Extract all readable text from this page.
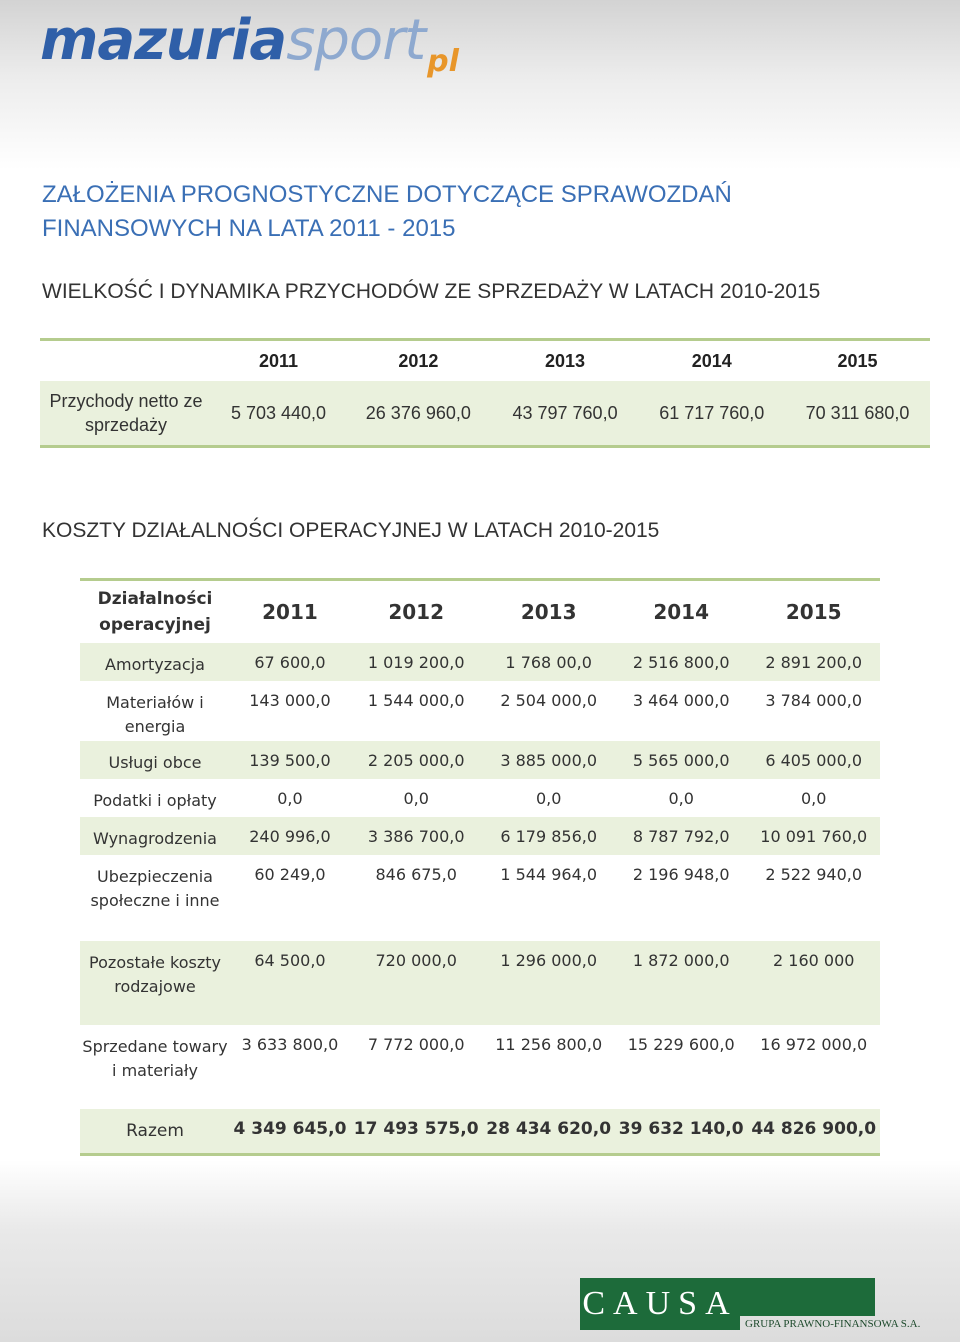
mazuriasportpl
ZAŁOŻENIA PROGNOSTYCZNE DOTYCZĄCE SPRAWOZDAŃ FINANSOWYCH NA LATA 2011 - 2015
WIELKOŚĆ I DYNAMIKA PRZYCHODÓW ZE SPRZEDAŻY W LATACH 2010-2015
	2011	2012	2013	2014	2015
Przychody netto ze sprzedaży	5 703 440,0	26 376 960,0	43 797 760,0	61 717 760,0	70 311 680,0
KOSZTY DZIAŁALNOŚCI OPERACYJNEJ W LATACH 2010-2015
Działalności operacyjnej	2011	2012	2013	2014	2015
Amortyzacja	67 600,0	1 019 200,0	1 768 00,0	2 516 800,0	2 891 200,0
Materiałów i energia	143 000,0	1 544 000,0	2 504 000,0	3 464 000,0	3 784 000,0
Usługi obce	139 500,0	2 205 000,0	3 885 000,0	5 565 000,0	6 405 000,0
Podatki i opłaty	0,0	0,0	0,0	0,0	0,0
Wynagrodzenia	240 996,0	3 386 700,0	6 179 856,0	8 787 792,0	10 091 760,0
Ubezpieczenia społeczne i inne	60 249,0	846 675,0	1 544 964,0	2 196 948,0	2 522 940,0
Pozostałe koszty rodzajowe	64 500,0	720 000,0	1 296 000,0	1 872 000,0	2 160 000
Sprzedane towary i materiały	3 633 800,0	7 772 000,0	11 256 800,0	15 229 600,0	16 972 000,0
Razem	4 349 645,0	17 493 575,0	28 434 620,0	39 632 140,0	44 826 900,0
CAUSA
GRUPA PRAWNO-FINANSOWA S.A.
